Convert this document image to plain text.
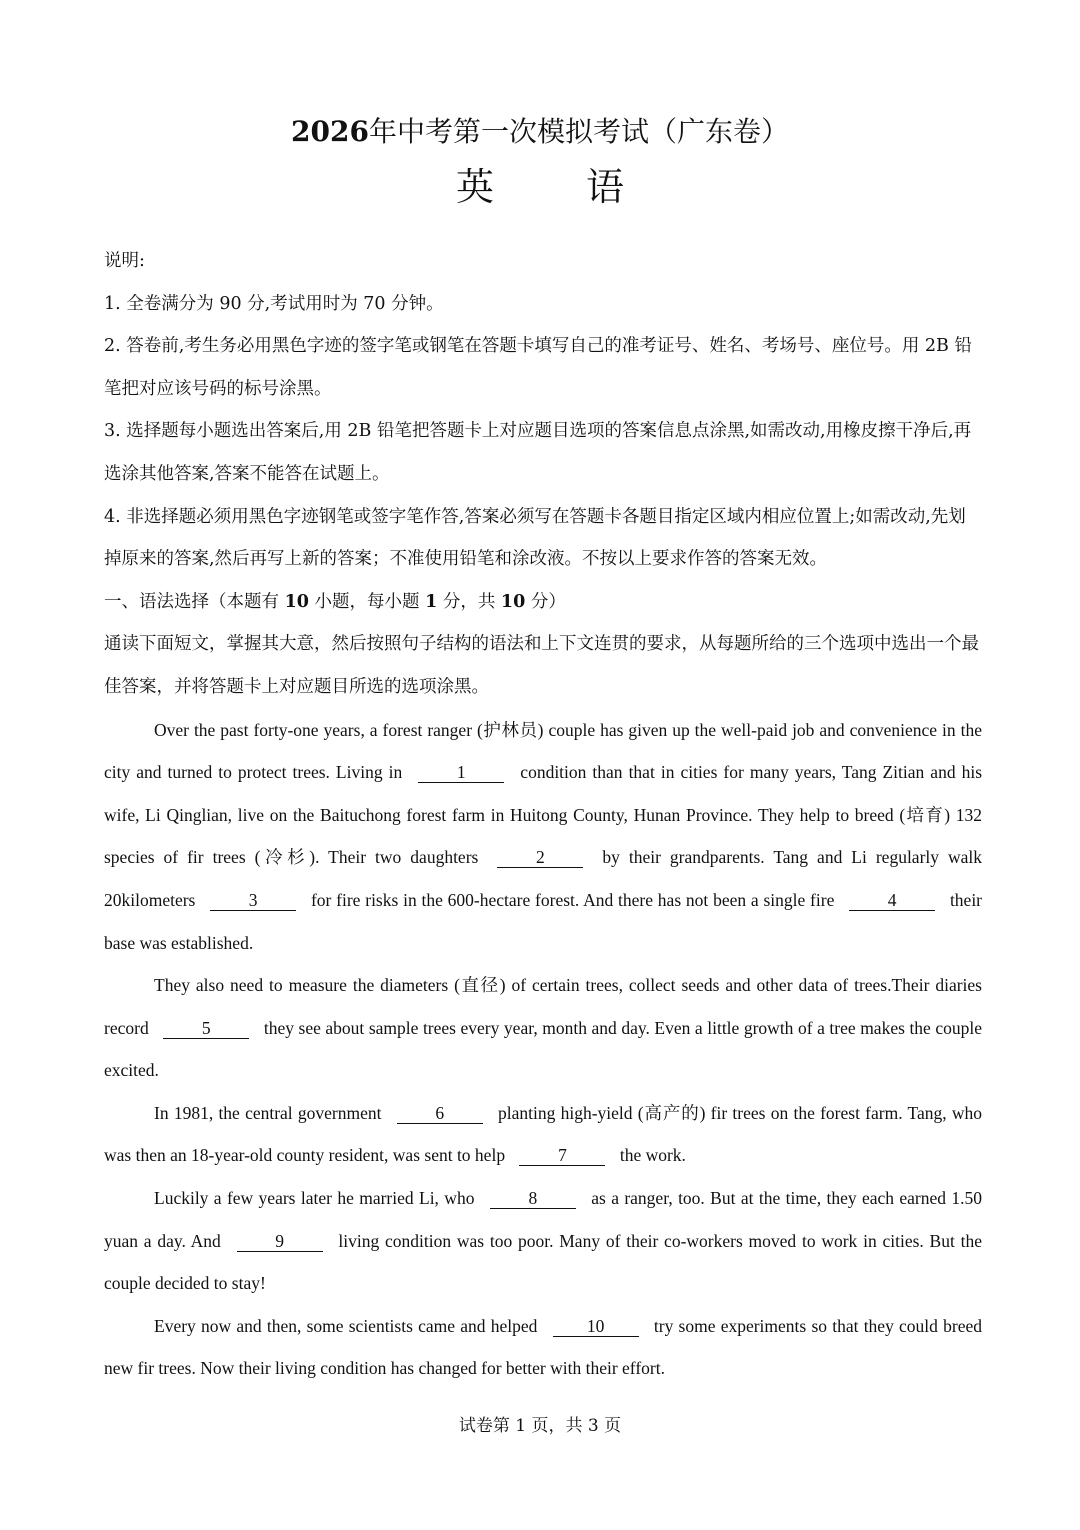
2026年中考第一次模拟考试（广东卷）
英 语

说明:

1. 全卷满分为 90 分,考试用时为 70 分钟。

2. 答卷前,考生务必用黑色字迹的签字笔或钢笔在答题卡填写自己的准考证号、姓名、考场号、座位号。用 2B 铅笔把对应该号码的标号涂黑。

3. 选择题每小题选出答案后,用 2B 铅笔把答题卡上对应题目选项的答案信息点涂黑,如需改动,用橡皮擦干净后,再选涂其他答案,答案不能答在试题上。

4. 非选择题必须用黑色字迹钢笔或签字笔作答,答案必须写在答题卡各题目指定区域内相应位置上;如需改动,先划掉原来的答案,然后再写上新的答案；不准使用铅笔和涂改液。不按以上要求作答的答案无效。

一、语法选择（本题有 10 小题，每小题 1 分，共 10 分）

通读下面短文，掌握其大意，然后按照句子结构的语法和上下文连贯的要求，从每题所给的三个选项中选出一个最佳答案，并将答题卡上对应题目所选的选项涂黑。

Over the past forty-one years, a forest ranger (护林员) couple has given up the well-paid job and convenience in the city and turned to protect trees. Living in	1	condition than that in cities for many years, Tang Zitian and his wife, Li Qinglian, live on the Baituchong forest farm in Huitong County, Hunan Province. They help to breed (培育) 132 species of fir trees (冷杉). Their two daughters	2	by their grandparents. Tang and Li regularly walk 20kilometers	3	for fire risks in the 600-hectare forest. And there has not been a single fire	4	their base was established.

They also need to measure the diameters (直径) of certain trees, collect seeds and other data of trees.Their diaries record	5	they see about sample trees every year, month and day. Even a little growth of a tree makes the couple excited.

In 1981, the central government	6	planting high-yield (高产的) fir trees on the forest farm. Tang, who was then an 18-year-old county resident, was sent to help	7	the work.

Luckily a few years later he married Li, who	8	as a ranger, too. But at the time, they each earned 1.50 yuan a day. And	9	living condition was too poor. Many of their co-workers moved to work in cities. But the couple decided to stay!

Every now and then, some scientists came and helped	10	try some experiments so that they could breed new fir trees. Now their living condition has changed for better with their effort.

试卷第 1 页，共 3 页
